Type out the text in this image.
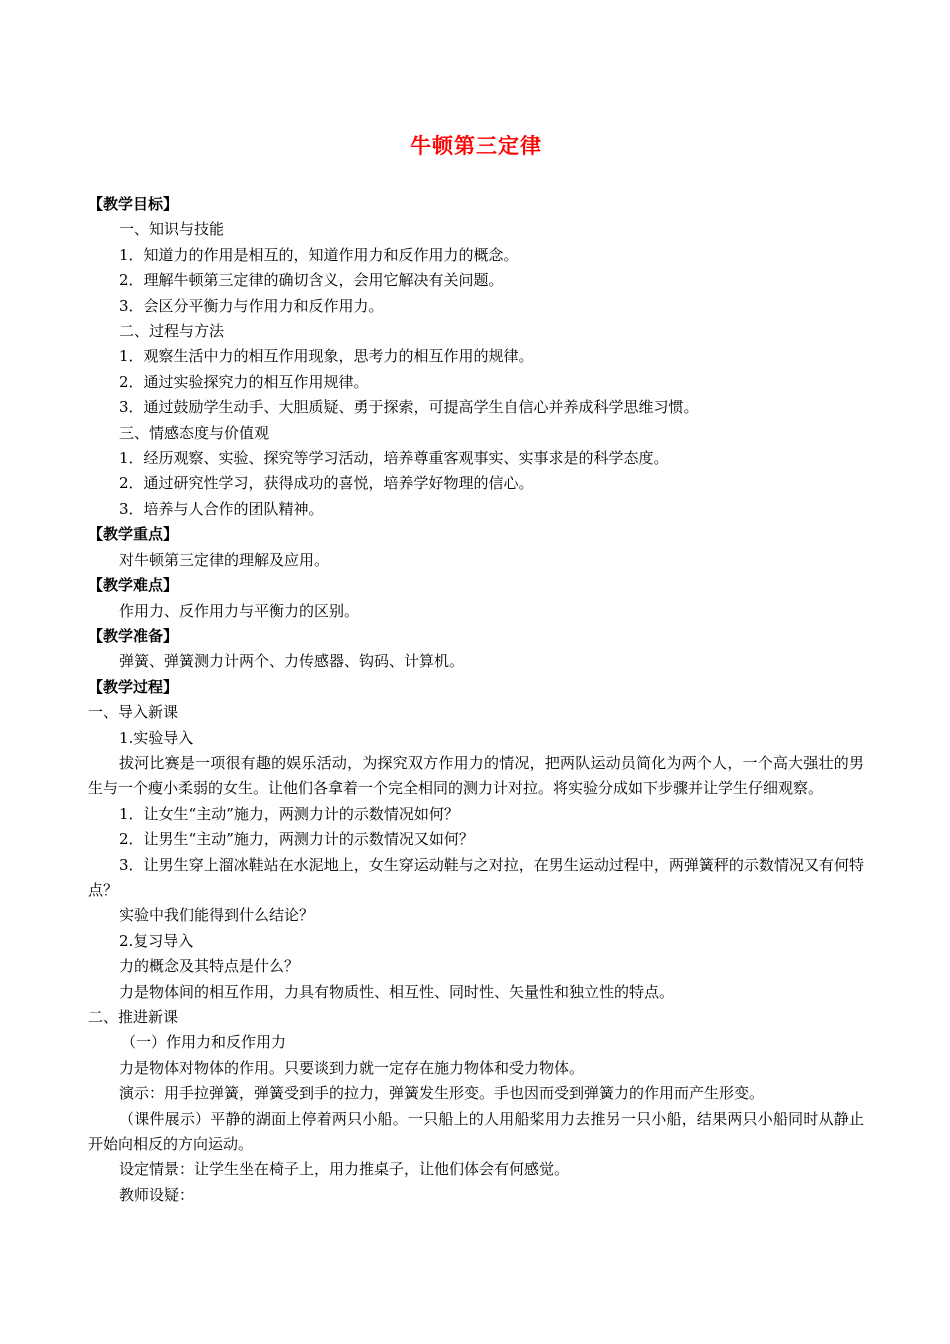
牛顿第三定律
【教学目标】
一、知识与技能
1．知道力的作用是相互的，知道作用力和反作用力的概念。
2．理解牛顿第三定律的确切含义，会用它解决有关问题。
3．会区分平衡力与作用力和反作用力。
二、过程与方法
1．观察生活中力的相互作用现象，思考力的相互作用的规律。
2．通过实验探究力的相互作用规律。
3．通过鼓励学生动手、大胆质疑、勇于探索，可提高学生自信心并养成科学思维习惯。
三、情感态度与价值观
1．经历观察、实验、探究等学习活动，培养尊重客观事实、实事求是的科学态度。
2．通过研究性学习，获得成功的喜悦，培养学好物理的信心。
3．培养与人合作的团队精神。
【教学重点】
对牛顿第三定律的理解及应用。
【教学难点】
作用力、反作用力与平衡力的区别。
【教学准备】
弹簧、弹簧测力计两个、力传感器、钩码、计算机。
【教学过程】
一、导入新课
1.实验导入
拔河比赛是一项很有趣的娱乐活动，为探究双方作用力的情况，把两队运动员简化为两个人，一个高大强壮的男生与一个瘦小柔弱的女生。让他们各拿着一个完全相同的测力计对拉。将实验分成如下步骤并让学生仔细观察。
1．让女生“主动”施力，两测力计的示数情况如何？
2．让男生“主动”施力，两测力计的示数情况又如何？
3．让男生穿上溜冰鞋站在水泥地上，女生穿运动鞋与之对拉，在男生运动过程中，两弹簧秤的示数情况又有何特点？
实验中我们能得到什么结论？
2.复习导入
力的概念及其特点是什么？
力是物体间的相互作用，力具有物质性、相互性、同时性、矢量性和独立性的特点。
二、推进新课
（一）作用力和反作用力
力是物体对物体的作用。只要谈到力就一定存在施力物体和受力物体。
演示：用手拉弹簧，弹簧受到手的拉力，弹簧发生形变。手也因而受到弹簧力的作用而产生形变。
（课件展示）平静的湖面上停着两只小船。一只船上的人用船桨用力去推另一只小船，结果两只小船同时从静止开始向相反的方向运动。
设定情景：让学生坐在椅子上，用力推桌子，让他们体会有何感觉。
教师设疑：
